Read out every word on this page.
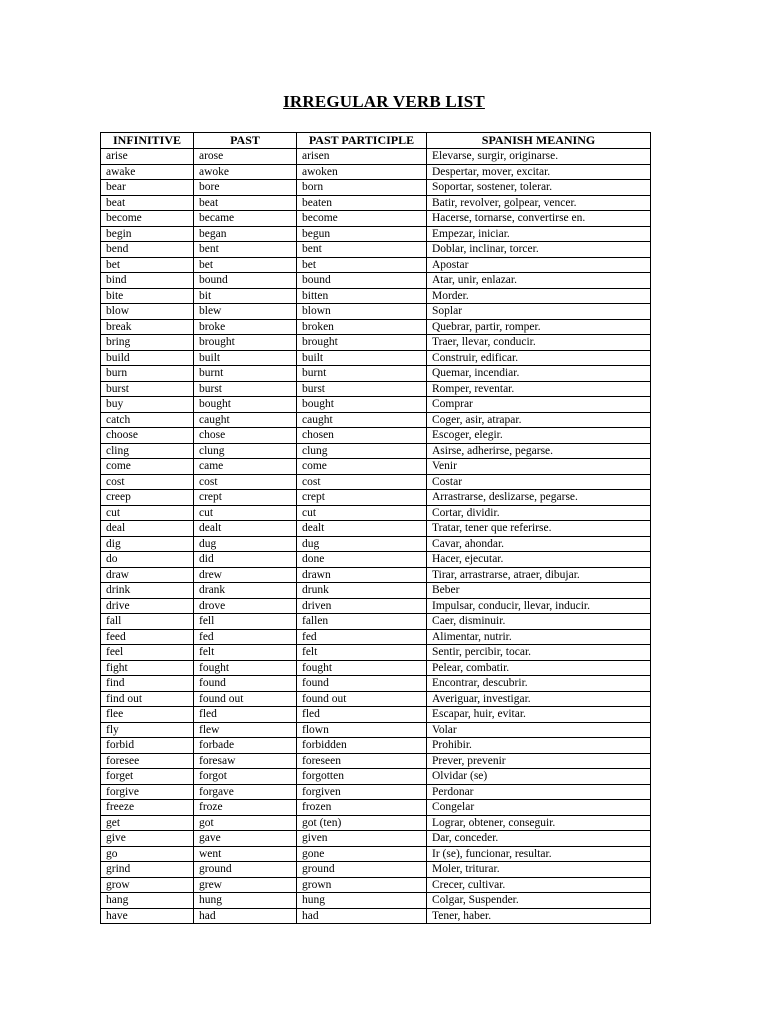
IRREGULAR VERB LIST
INFINITIVE	PAST	PAST PARTICIPLE	SPANISH MEANING
arise	arose	arisen	Elevarse, surgir, originarse.
awake	awoke	awoken	Despertar, mover, excitar.
bear	bore	born	Soportar, sostener, tolerar.
beat	beat	beaten	Batir, revolver, golpear, vencer.
become	became	become	Hacerse, tornarse, convertirse en.
begin	began	begun	Empezar, iniciar.
bend	bent	bent	Doblar, inclinar, torcer.
bet	bet	bet	Apostar
bind	bound	bound	Atar, unir, enlazar.
bite	bit	bitten	Morder.
blow	blew	blown	Soplar
break	broke	broken	Quebrar, partir, romper.
bring	brought	brought	Traer, llevar, conducir.
build	built	built	Construir, edificar.
burn	burnt	burnt	Quemar, incendiar.
burst	burst	burst	Romper, reventar.
buy	bought	bought	Comprar
catch	caught	caught	Coger, asir, atrapar.
choose	chose	chosen	Escoger, elegir.
cling	clung	clung	Asirse, adherirse, pegarse.
come	came	come	Venir
cost	cost	cost	Costar
creep	crept	crept	Arrastrarse, deslizarse, pegarse.
cut	cut	cut	Cortar, dividir.
deal	dealt	dealt	Tratar, tener que referirse.
dig	dug	dug	Cavar, ahondar.
do	did	done	Hacer, ejecutar.
draw	drew	drawn	Tirar, arrastrarse, atraer, dibujar.
drink	drank	drunk	Beber
drive	drove	driven	Impulsar, conducir, llevar, inducir.
fall	fell	fallen	Caer, disminuir.
feed	fed	fed	Alimentar, nutrir.
feel	felt	felt	Sentir, percibir, tocar.
fight	fought	fought	Pelear, combatir.
find	found	found	Encontrar, descubrir.
find out	found out	found out	Averiguar, investigar.
flee	fled	fled	Escapar, huir, evitar.
fly	flew	flown	Volar
forbid	forbade	forbidden	Prohibir.
foresee	foresaw	foreseen	Prever, prevenir
forget	forgot	forgotten	Olvidar (se)
forgive	forgave	forgiven	Perdonar
freeze	froze	frozen	Congelar
get	got	got (ten)	Lograr, obtener, conseguir.
give	gave	given	Dar, conceder.
go	went	gone	Ir (se), funcionar, resultar.
grind	ground	ground	Moler, triturar.
grow	grew	grown	Crecer, cultivar.
hang	hung	hung	Colgar, Suspender.
have	had	had	Tener, haber.
